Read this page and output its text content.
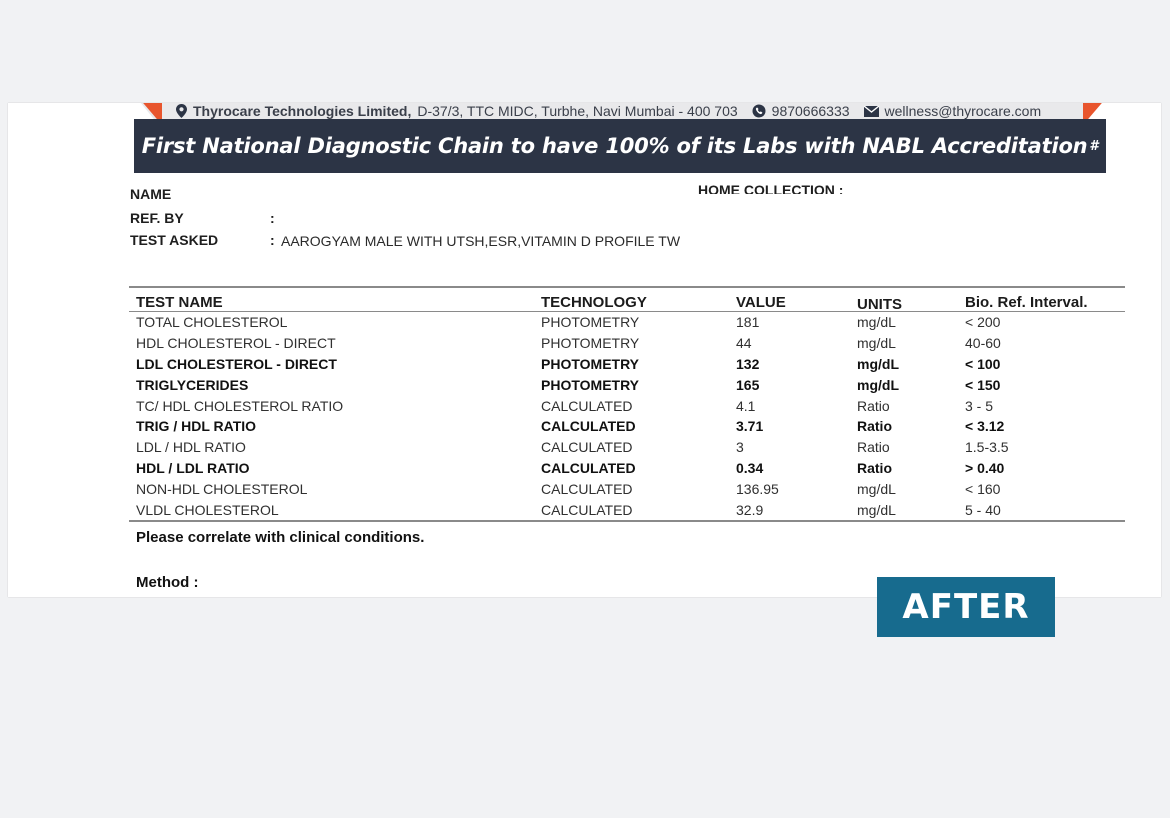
Thyrocare Technologies Limited, D-37/3, TTC MIDC, Turbhe, Navi Mumbai - 400 703 9870666333	wellness@thyrocare.com
First National Diagnostic Chain to have 100% of its Labs with NABL Accreditation #
NAME	HOME COLLECTION :
REF. BY	:
TEST ASKED	: AAROGYAM MALE WITH UTSH,ESR,VITAMIN D PROFILE TW
TEST NAME	TECHNOLOGY	VALUE	UNITS	Bio. Ref. Interval.
TOTAL CHOLESTEROL	PHOTOMETRY	181	mg/dL	< 200
HDL CHOLESTEROL - DIRECT	PHOTOMETRY	44	mg/dL	40-60
LDL CHOLESTEROL - DIRECT	PHOTOMETRY	132	mg/dL	< 100
TRIGLYCERIDES	PHOTOMETRY	165	mg/dL	< 150
TC/ HDL CHOLESTEROL RATIO	CALCULATED	4.1	Ratio	3 - 5
TRIG / HDL RATIO	CALCULATED	3.71	Ratio	< 3.12
LDL / HDL RATIO	CALCULATED	3	Ratio	1.5-3.5
HDL / LDL RATIO	CALCULATED	0.34	Ratio	> 0.40
NON-HDL CHOLESTEROL	CALCULATED	136.95	mg/dL	< 160
VLDL CHOLESTEROL	CALCULATED	32.9	mg/dL	5 - 40
Please correlate with clinical conditions.
Method :
AFTER
